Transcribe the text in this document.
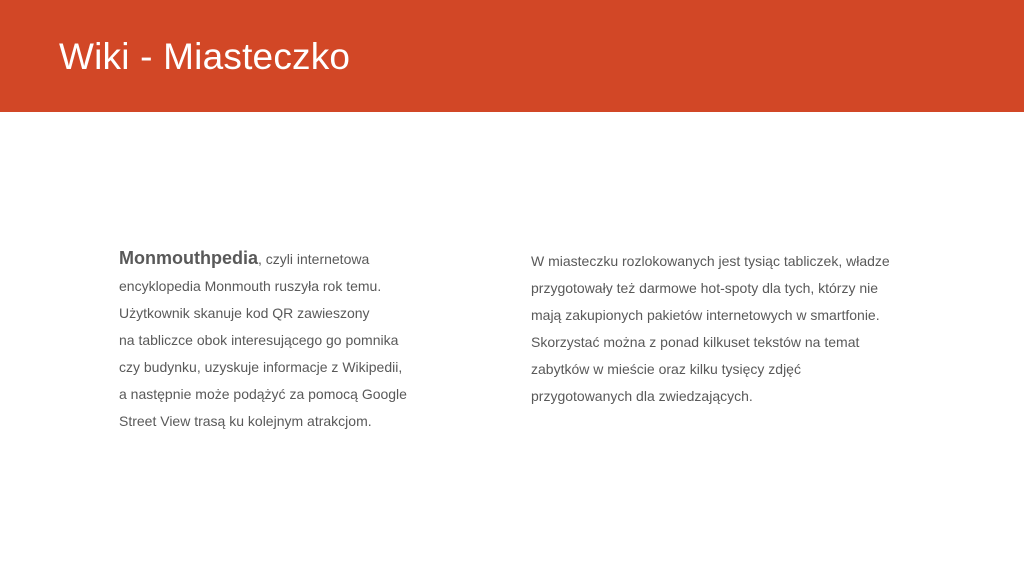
Wiki - Miasteczko
Monmouthpedia, czyli internetowa
encyklopedia Monmouth ruszyła rok temu.
Użytkownik skanuje kod QR zawieszony
na tabliczce obok interesującego go pomnika
czy budynku, uzyskuje informacje z Wikipedii,
a następnie może podążyć za pomocą Google
Street View trasą ku kolejnym atrakcjom.
W miasteczku rozlokowanych jest tysiąc tabliczek, władze
przygotowały też darmowe hot-spoty dla tych, którzy nie
mają zakupionych pakietów internetowych w smartfonie.
Skorzystać można z ponad kilkuset tekstów na temat
zabytków w mieście oraz kilku tysięcy zdjęć
przygotowanych dla zwiedzających.
